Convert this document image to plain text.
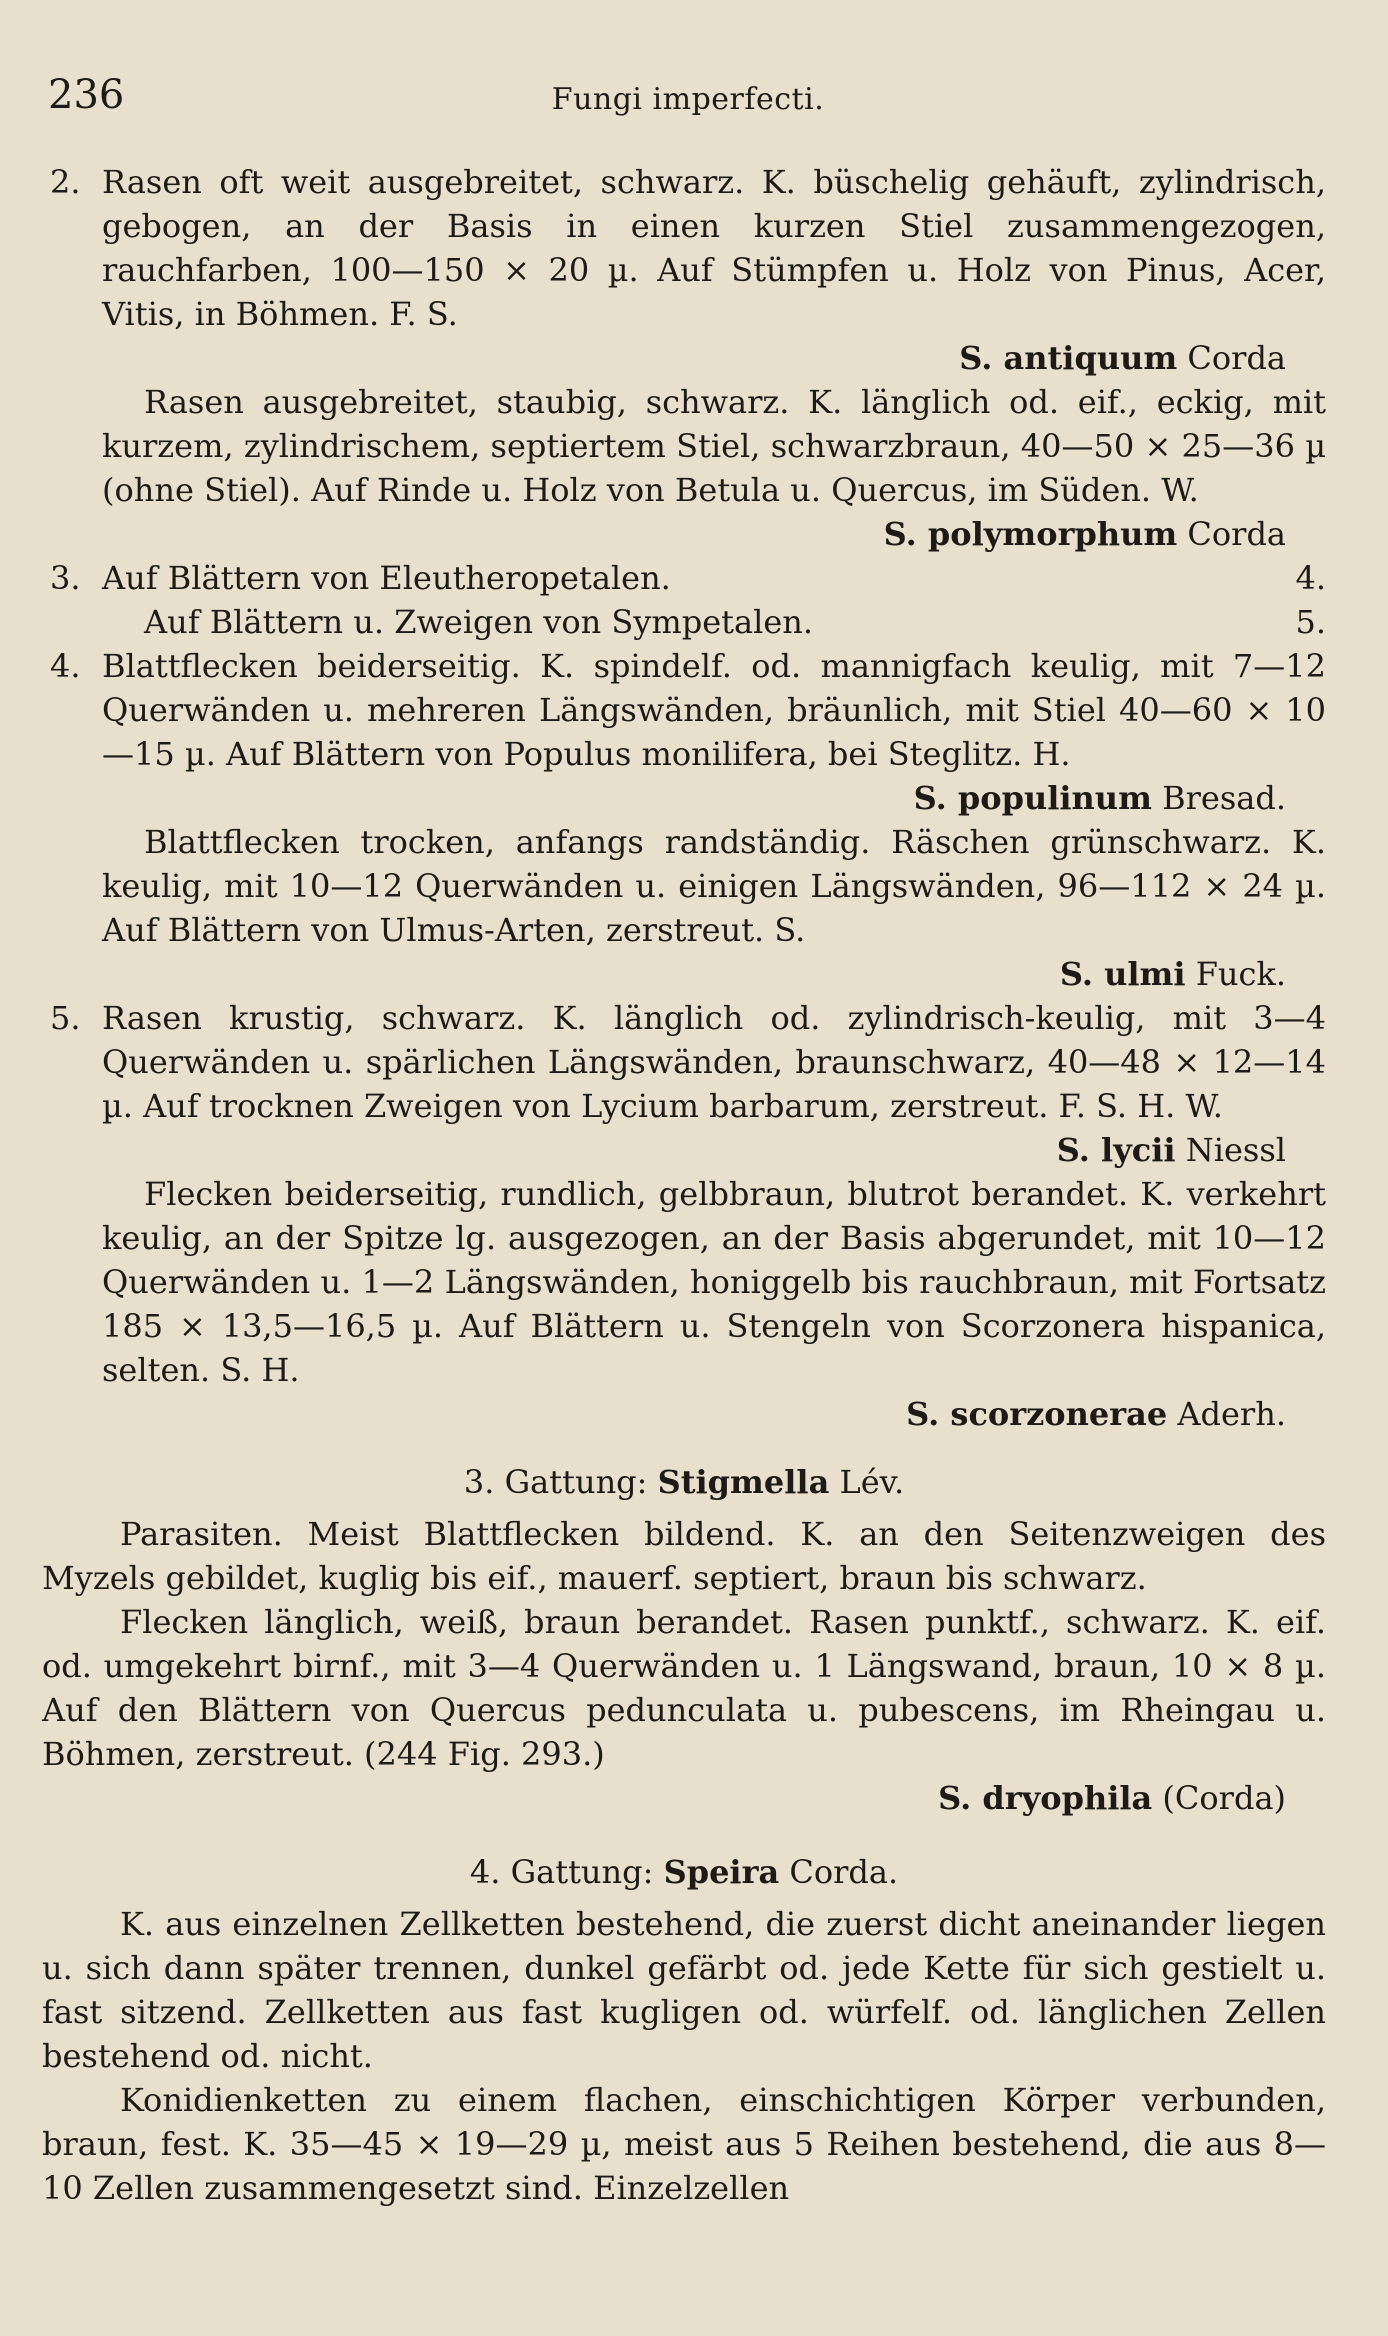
236	Fungi imperfecti.
2. Rasen oft weit ausgebreitet, schwarz. K. büschelig gehäuft, zylindrisch, gebogen, an der Basis in einen kurzen Stiel zusammengezogen, rauchfarben, 100—150 × 20 µ. Auf Stümpfen u. Holz von Pinus, Acer, Vitis, in Böhmen. F. S.
S. antiquum Corda
Rasen ausgebreitet, staubig, schwarz. K. länglich od. eif., eckig, mit kurzem, zylindrischem, septiertem Stiel, schwarzbraun, 40—50 × 25—36 µ (ohne Stiel). Auf Rinde u. Holz von Betula u. Quercus, im Süden. W.
S. polymorphum Corda
3. Auf Blättern von Eleutheropetalen.	4.
Auf Blättern u. Zweigen von Sympetalen.	5.
4. Blattflecken beiderseitig. K. spindelf. od. mannigfach keulig, mit 7—12 Querwänden u. mehreren Längswänden, bräunlich, mit Stiel 40—60 × 10—15 µ. Auf Blättern von Populus monilifera, bei Steglitz. H.
S. populinum Bresad.
Blattflecken trocken, anfangs randständig. Räschen grünschwarz. K. keulig, mit 10—12 Querwänden u. einigen Längswänden, 96—112 × 24 µ. Auf Blättern von Ulmus-Arten, zerstreut. S.
S. ulmi Fuck.
5. Rasen krustig, schwarz. K. länglich od. zylindrisch-keulig, mit 3—4 Querwänden u. spärlichen Längswänden, braunschwarz, 40—48 × 12—14 µ. Auf trocknen Zweigen von Lycium barbarum, zerstreut. F. S. H. W.
S. lycii Niessl
Flecken beiderseitig, rundlich, gelbbraun, blutrot berandet. K. verkehrt keulig, an der Spitze lg. ausgezogen, an der Basis abgerundet, mit 10—12 Querwänden u. 1—2 Längswänden, honiggelb bis rauchbraun, mit Fortsatz 185 × 13,5—16,5 µ. Auf Blättern u. Stengeln von Scorzonera hispanica, selten. S. H.
S. scorzonerae Aderh.
3. Gattung: Stigmella Lév.
Parasiten. Meist Blattflecken bildend. K. an den Seitenzweigen des Myzels gebildet, kuglig bis eif., mauerf. septiert, braun bis schwarz.
Flecken länglich, weiß, braun berandet. Rasen punktf., schwarz. K. eif. od. umgekehrt birnf., mit 3—4 Querwänden u. 1 Längswand, braun, 10 × 8 µ. Auf den Blättern von Quercus pedunculata u. pubescens, im Rheingau u. Böhmen, zerstreut. (244 Fig. 293.)
S. dryophila (Corda)
4. Gattung: Speira Corda.
K. aus einzelnen Zellketten bestehend, die zuerst dicht aneinander liegen u. sich dann später trennen, dunkel gefärbt od. jede Kette für sich gestielt u. fast sitzend. Zellketten aus fast kugligen od. würfelf. od. länglichen Zellen bestehend od. nicht.
Konidienketten zu einem flachen, einschichtigen Körper verbunden, braun, fest. K. 35—45 × 19—29 µ, meist aus 5 Reihen bestehend, die aus 8—10 Zellen zusammengesetzt sind. Einzelzellen
